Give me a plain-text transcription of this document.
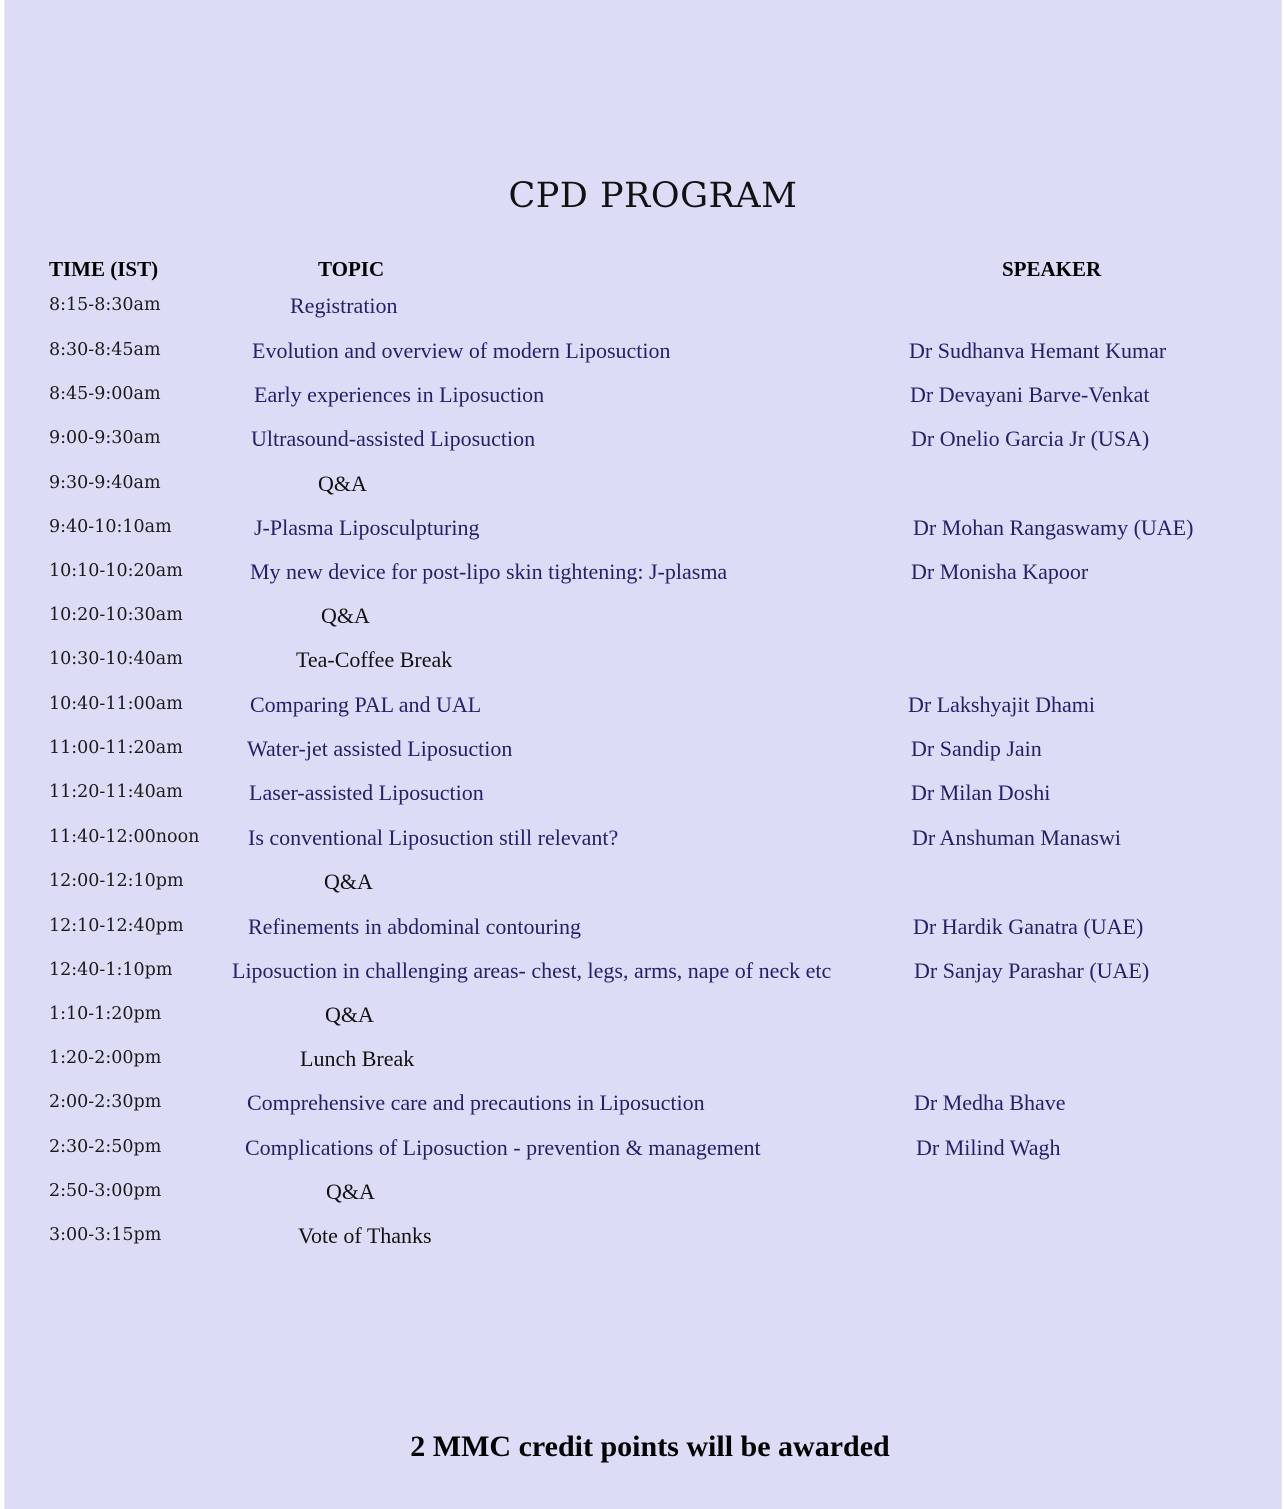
CPD PROGRAM
TIME (IST)	TOPIC	SPEAKER
8:15-8:30am	Registration
8:30-8:45am	Evolution and overview of modern Liposuction	Dr Sudhanva Hemant Kumar
8:45-9:00am	Early experiences in Liposuction	Dr Devayani Barve-Venkat
9:00-9:30am	Ultrasound-assisted Liposuction	Dr Onelio Garcia Jr (USA)
9:30-9:40am	Q&A
9:40-10:10am	J-Plasma Liposculpturing	Dr Mohan Rangaswamy (UAE)
10:10-10:20am	My new device for post-lipo skin tightening: J-plasma	Dr Monisha Kapoor
10:20-10:30am	Q&A
10:30-10:40am	Tea-Coffee Break
10:40-11:00am	Comparing PAL and UAL	Dr Lakshyajit Dhami
11:00-11:20am	Water-jet assisted Liposuction	Dr Sandip Jain
11:20-11:40am	Laser-assisted Liposuction	Dr Milan Doshi
11:40-12:00noon Is conventional Liposuction still relevant?	Dr Anshuman Manaswi
12:00-12:10pm	Q&A
12:10-12:40pm	Refinements in abdominal contouring	Dr Hardik Ganatra (UAE)
12:40-1:10pm	Liposuction in challenging areas- chest, legs, arms, nape of neck etc	Dr Sanjay Parashar (UAE)
1:10-1:20pm	Q&A
1:20-2:00pm	Lunch Break
2:00-2:30pm	Comprehensive care and precautions in Liposuction	Dr Medha Bhave
2:30-2:50pm	Complications of Liposuction - prevention & management	Dr Milind Wagh
2:50-3:00pm	Q&A
3:00-3:15pm	Vote of Thanks
2 MMC credit points will be awarded
